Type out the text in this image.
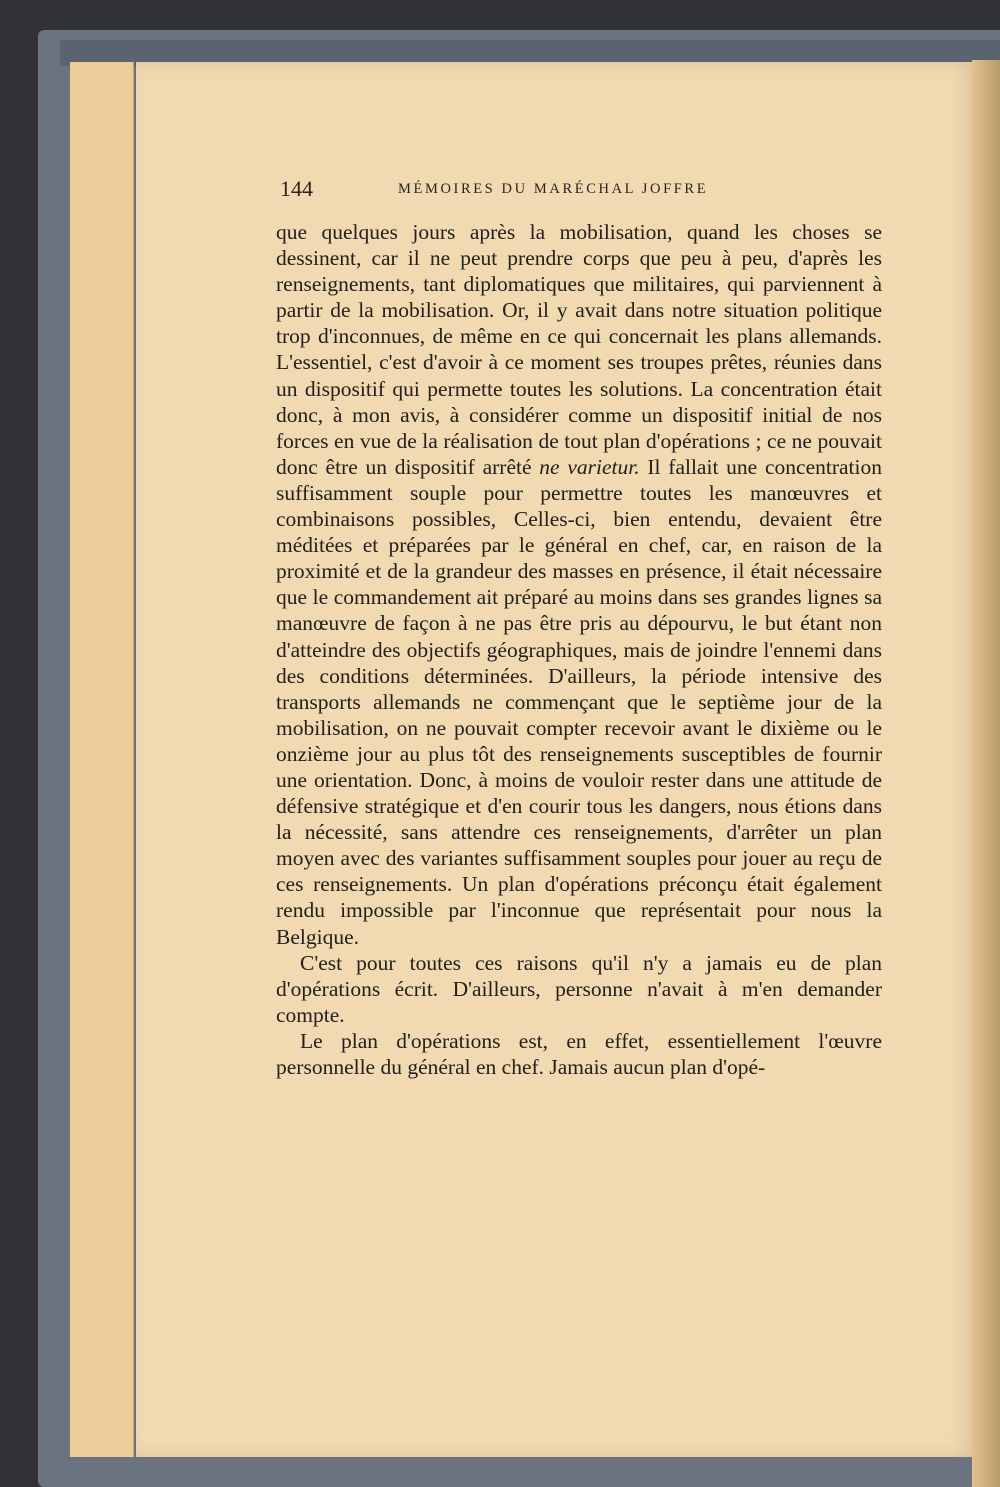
144	MÉMOIRES DU MARÉCHAL JOFFRE

que quelques jours après la mobilisation, quand les choses se dessinent, car il ne peut prendre corps que peu à peu, d'après les renseignements, tant diplomatiques que militaires, qui parviennent à partir de la mobilisation. Or, il y avait dans notre situation politique trop d'inconnues, de même en ce qui concernait les plans allemands. L'essentiel, c'est d'avoir à ce moment ses troupes prêtes, réunies dans un dispositif qui permette toutes les solutions. La concentration était donc, à mon avis, à considérer comme un dispositif initial de nos forces en vue de la réalisation de tout plan d'opérations ; ce ne pouvait donc être un dispositif arrêté ne varietur. Il fallait une concentration suffisamment souple pour permettre toutes les manœuvres et combinaisons possibles, Celles-ci, bien entendu, devaient être méditées et préparées par le général en chef, car, en raison de la proximité et de la grandeur des masses en présence, il était nécessaire que le commandement ait préparé au moins dans ses grandes lignes sa manœuvre de façon à ne pas être pris au dépourvu, le but étant non d'atteindre des objectifs géographiques, mais de joindre l'ennemi dans des conditions déterminées. D'ailleurs, la période intensive des transports allemands ne commençant que le septième jour de la mobilisation, on ne pouvait compter recevoir avant le dixième ou le onzième jour au plus tôt des renseignements susceptibles de fournir une orientation. Donc, à moins de vouloir rester dans une attitude de défensive stratégique et d'en courir tous les dangers, nous étions dans la nécessité, sans attendre ces renseignements, d'arrêter un plan moyen avec des variantes suffisamment souples pour jouer au reçu de ces renseignements. Un plan d'opérations préconçu était également rendu impossible par l'inconnue que représentait pour nous la Belgique.

C'est pour toutes ces raisons qu'il n'y a jamais eu de plan d'opérations écrit. D'ailleurs, personne n'avait à m'en demander compte.

Le plan d'opérations est, en effet, essentiellement l'œuvre personnelle du général en chef. Jamais aucun plan d'opé-
